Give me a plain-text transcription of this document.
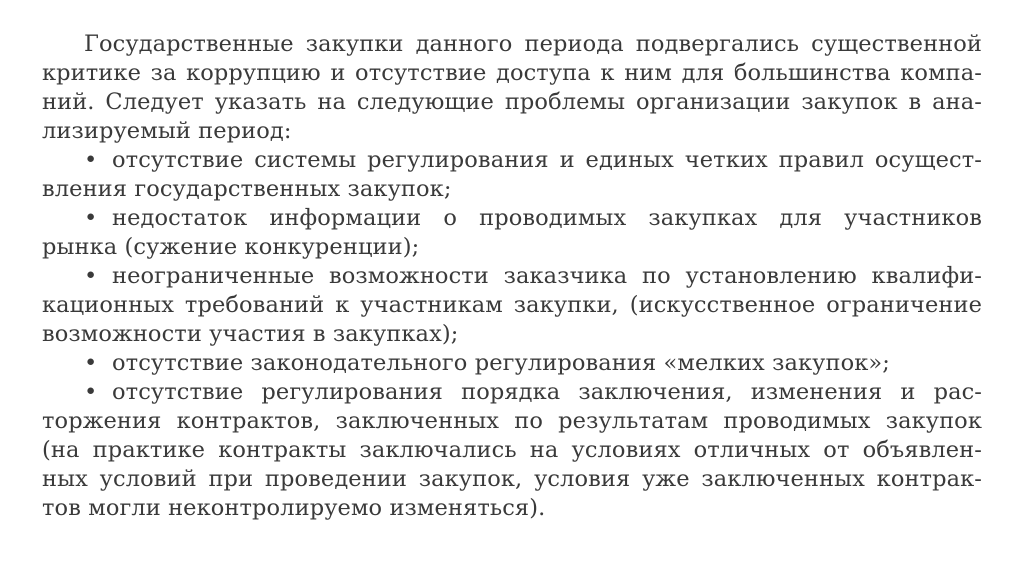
Государственные закупки данного периода подвергались существенной
критике за коррупцию и отсутствие доступа к ним для большинства компа-
ний. Следует указать на следующие проблемы организации закупок в ана-
лизируемый период:
• отсутствие системы регулирования и единых четких правил осущест-
вления государственных закупок;
• недостаток информации о проводимых закупках для участников
рынка (сужение конкуренции);
• неограниченные возможности заказчика по установлению квалифи-
кационных требований к участникам закупки, (искусственное ограничение
возможности участия в закупках);
• отсутствие законодательного регулирования «мелких закупок»;
• отсутствие регулирования порядка заключения, изменения и рас-
торжения контрактов, заключенных по результатам проводимых закупок
(на практике контракты заключались на условиях отличных от объявлен-
ных условий при проведении закупок, условия уже заключенных контрак-
тов могли неконтролируемо изменяться).
